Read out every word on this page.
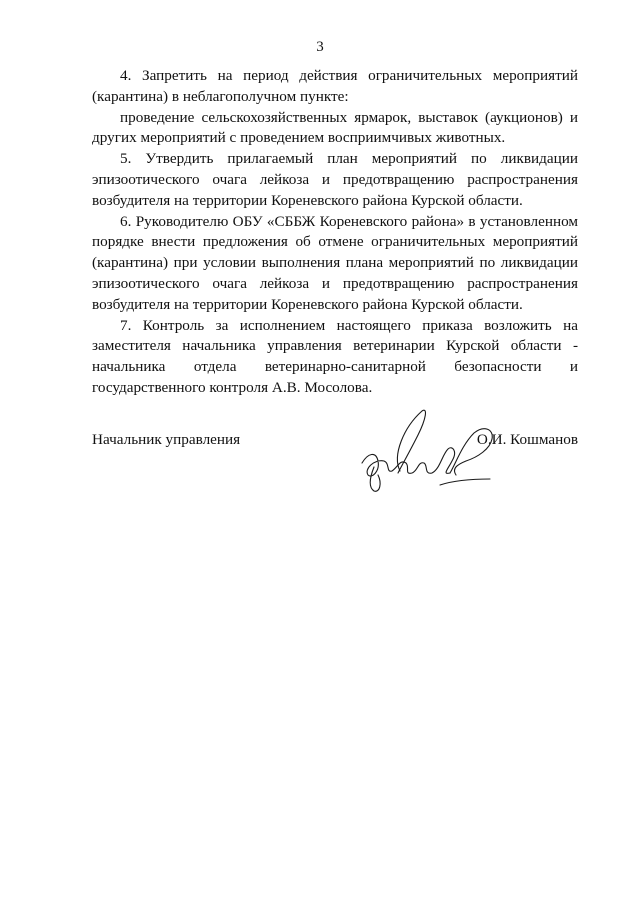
3

4. Запретить на период действия ограничительных мероприятий
(карантина) в неблагополучном пункте:

проведение сельскохозяйственных ярмарок, выставок (аукционов) и
других мероприятий с проведением восприимчивых животных.

5. Утвердить прилагаемый план мероприятий по ликвидации
эпизоотического очага лейкоза и предотвращению распространения
возбудителя на территории Кореневского района Курской области.

6. Руководителю ОБУ «СББЖ Кореневского района» в установленном
порядке внести предложения об отмене ограничительных мероприятий
(карантина) при условии выполнения плана мероприятий по ликвидации
эпизоотического очага лейкоза и предотвращению распространения
возбудителя на территории Кореневского района Курской области.

7. Контроль за исполнением настоящего приказа возложить на
заместителя начальника управления ветеринарии Курской области -
начальника отдела ветеринарно-санитарной безопасности и
государственного контроля А.В. Мосолова.

Начальник управления	О.И. Кошманов
